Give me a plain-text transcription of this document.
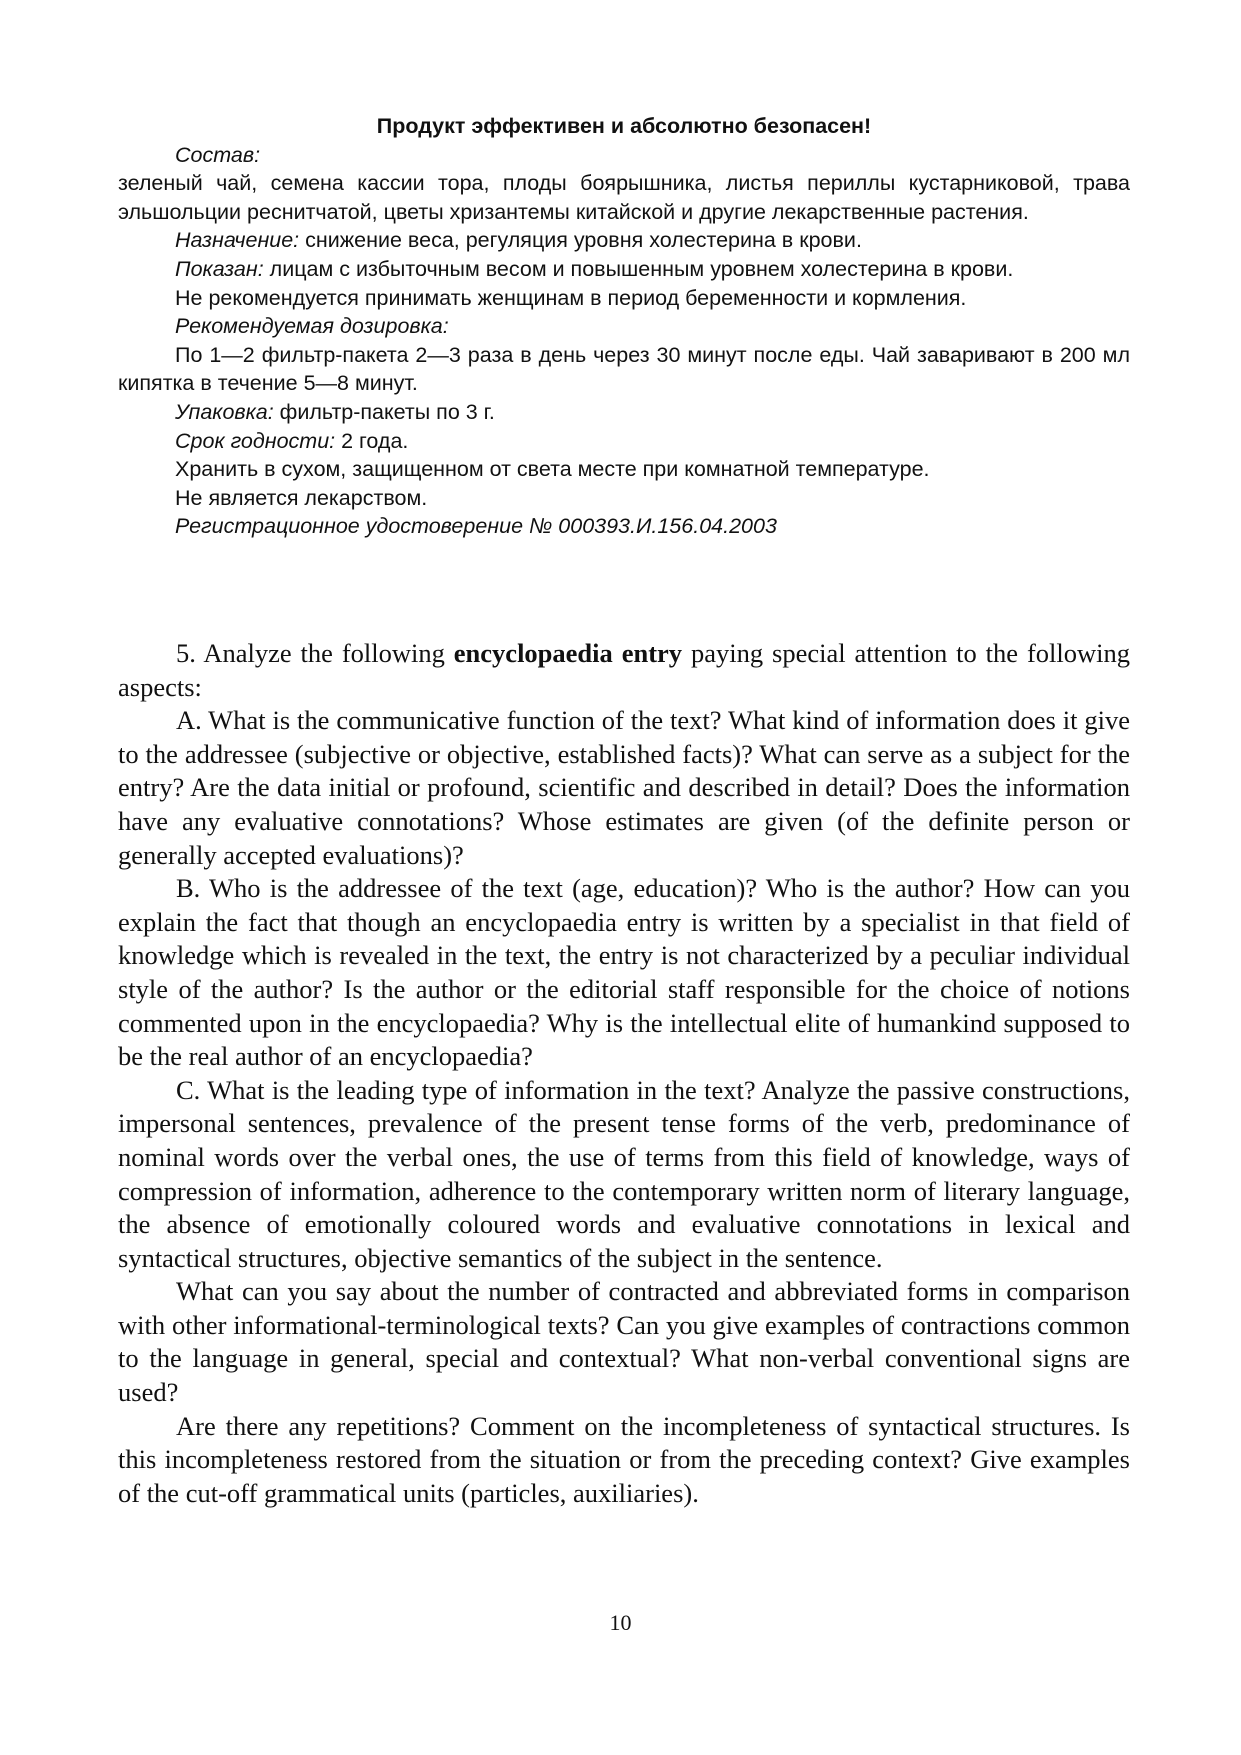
Продукт эффективен и абсолютно безопасен!

Состав:

зеленый чай, семена кассии тора, плоды боярышника, листья периллы кустарниковой, трава эльшольции реснитчатой, цветы хризантемы китайской и другие лекарственные растения.

Назначение: снижение веса, регуляция уровня холестерина в крови.

Показан: лицам с избыточным весом и повышенным уровнем холестерина в крови.

Не рекомендуется принимать женщинам в период беременности и кормления.

Рекомендуемая дозировка:

По 1—2 фильтр-пакета 2—3 раза в день через 30 минут после еды. Чай заваривают в 200 мл кипятка в течение 5—8 минут.

Упаковка: фильтр-пакеты по 3 г.

Срок годности: 2 года.

Хранить в сухом, защищенном от света месте при комнатной температуре.

Не является лекарством.

Регистрационное удостоверение № 000393.И.156.04.2003

5. Analyze the following encyclopaedia entry paying special attention to the following aspects:

A. What is the communicative function of the text? What kind of information does it give to the addressee (subjective or objective, established facts)? What can serve as a subject for the entry? Are the data initial or profound, scientific and described in detail? Does the information have any evaluative connotations? Whose estimates are given (of the definite person or generally accepted evaluations)?

B. Who is the addressee of the text (age, education)? Who is the author? How can you explain the fact that though an encyclopaedia entry is written by a specialist in that field of knowledge which is revealed in the text, the entry is not characterized by a peculiar individual style of the author? Is the author or the editorial staff responsible for the choice of notions commented upon in the encyclopaedia? Why is the intellectual elite of humankind supposed to be the real author of an encyclopaedia?

C. What is the leading type of information in the text? Analyze the passive constructions, impersonal sentences, prevalence of the present tense forms of the verb, predominance of nominal words over the verbal ones, the use of terms from this field of knowledge, ways of compression of information, adherence to the contemporary written norm of literary language, the absence of emotionally coloured words and evaluative connotations in lexical and syntactical structures, objective semantics of the subject in the sentence.

What can you say about the number of contracted and abbreviated forms in comparison with other informational-terminological texts? Can you give examples of contractions common to the language in general, special and contextual? What non-verbal conventional signs are used?

Are there any repetitions? Comment on the incompleteness of syntactical structures. Is this incompleteness restored from the situation or from the preceding context? Give examples of the cut-off grammatical units (particles, auxiliaries).

10
